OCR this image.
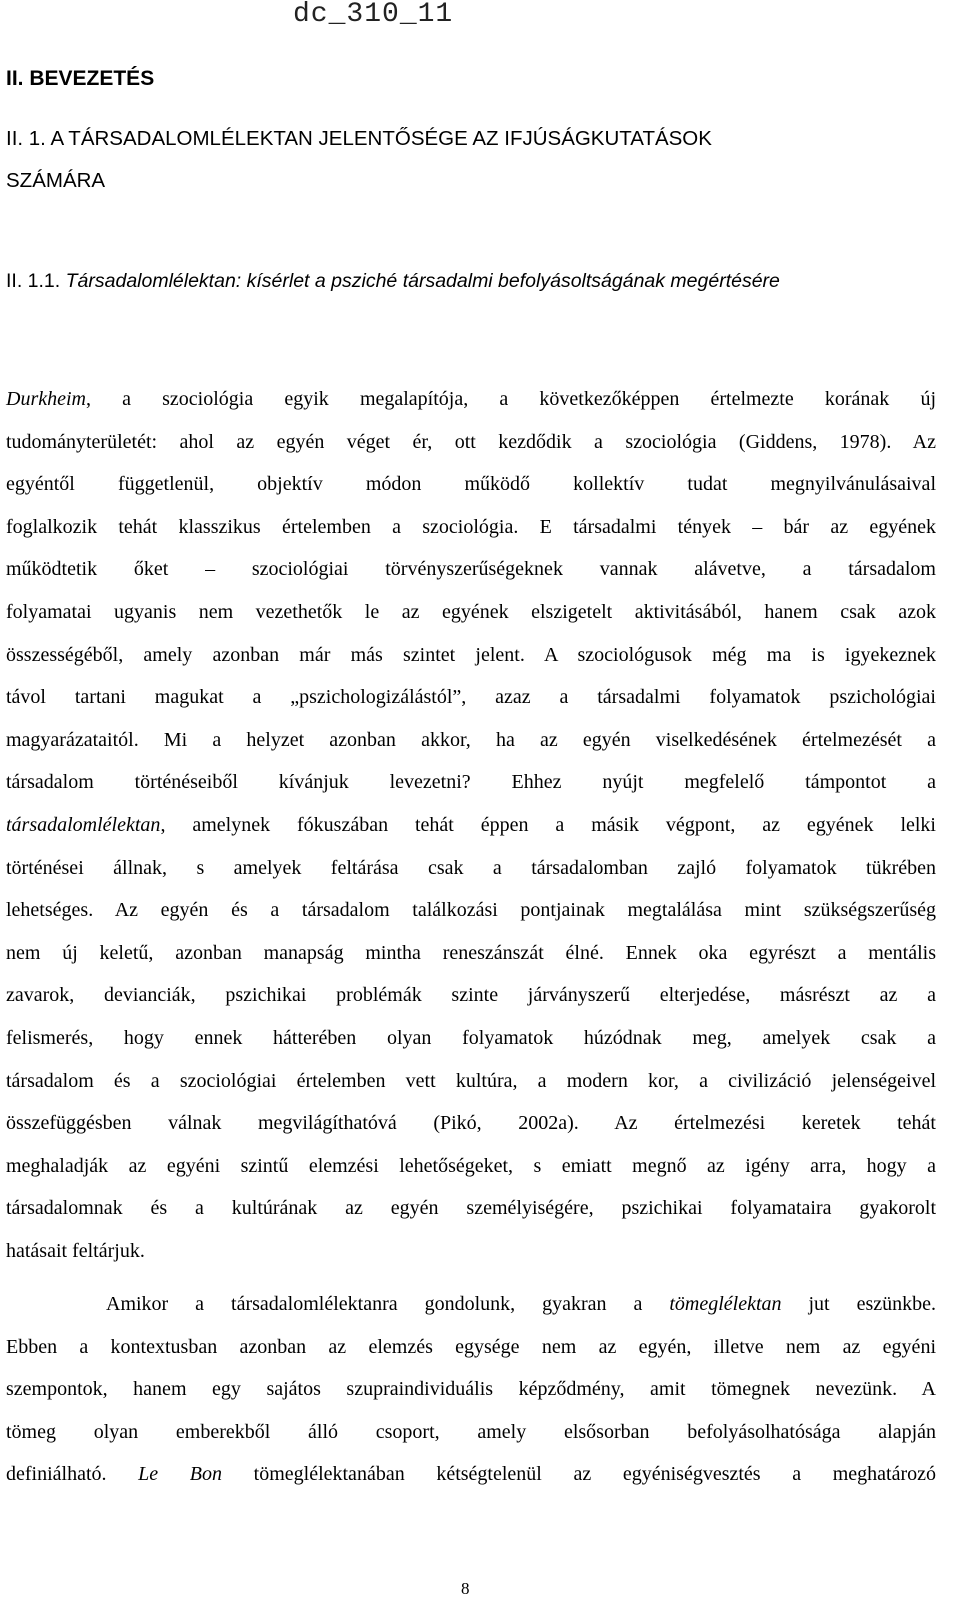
dc_310_11
II. BEVEZETÉS
II. 1. A TÁRSADALOMLÉLEKTAN JELENTŐSÉGE AZ IFJÚSÁGKUTATÁSOK
SZÁMÁRA
II. 1.1. Társadalomlélektan: kísérlet a psziché társadalmi befolyásoltságának megértésére
Durkheim, a szociológia egyik megalapítója, a következőképpen értelmezte korának új
tudományterületét: ahol az egyén véget ér, ott kezdődik a szociológia (Giddens, 1978). Az
egyéntől függetlenül, objektív módon működő kollektív tudat megnyilvánulásaival
foglalkozik tehát klasszikus értelemben a szociológia. E társadalmi tények – bár az egyének
működtetik őket – szociológiai törvényszerűségeknek vannak alávetve, a társadalom
folyamatai ugyanis nem vezethetők le az egyének elszigetelt aktivitásából, hanem csak azok
összességéből, amely azonban már más szintet jelent. A szociológusok még ma is igyekeznek
távol tartani magukat a „pszichologizálástól”, azaz a társadalmi folyamatok pszichológiai
magyarázataitól. Mi a helyzet azonban akkor, ha az egyén viselkedésének értelmezését a
társadalom történéseiből kívánjuk levezetni? Ehhez nyújt megfelelő támpontot a
társadalomlélektan, amelynek fókuszában tehát éppen a másik végpont, az egyének lelki
történései állnak, s amelyek feltárása csak a társadalomban zajló folyamatok tükrében
lehetséges. Az egyén és a társadalom találkozási pontjainak megtalálása mint szükségszerűség
nem új keletű, azonban manapság mintha reneszánszát élné. Ennek oka egyrészt a mentális
zavarok, devianciák, pszichikai problémák szinte járványszerű elterjedése, másrészt az a
felismerés, hogy ennek hátterében olyan folyamatok húzódnak meg, amelyek csak a
társadalom és a szociológiai értelemben vett kultúra, a modern kor, a civilizáció jelenségeivel
összefüggésben válnak megvilágíthatóvá (Pikó, 2002a). Az értelmezési keretek tehát
meghaladják az egyéni szintű elemzési lehetőségeket, s emiatt megnő az igény arra, hogy a
társadalomnak és a kultúrának az egyén személyiségére, pszichikai folyamataira gyakorolt
hatásait feltárjuk.
Amikor a társadalomlélektanra gondolunk, gyakran a tömeglélektan jut eszünkbe.
Ebben a kontextusban azonban az elemzés egysége nem az egyén, illetve nem az egyéni
szempontok, hanem egy sajátos szupraindividuális képződmény, amit tömegnek nevezünk. A
tömeg olyan emberekből álló csoport, amely elsősorban befolyásolhatósága alapján
definiálható. Le Bon tömeglélektanában kétségtelenül az egyéniségvesztés a meghatározó
8
